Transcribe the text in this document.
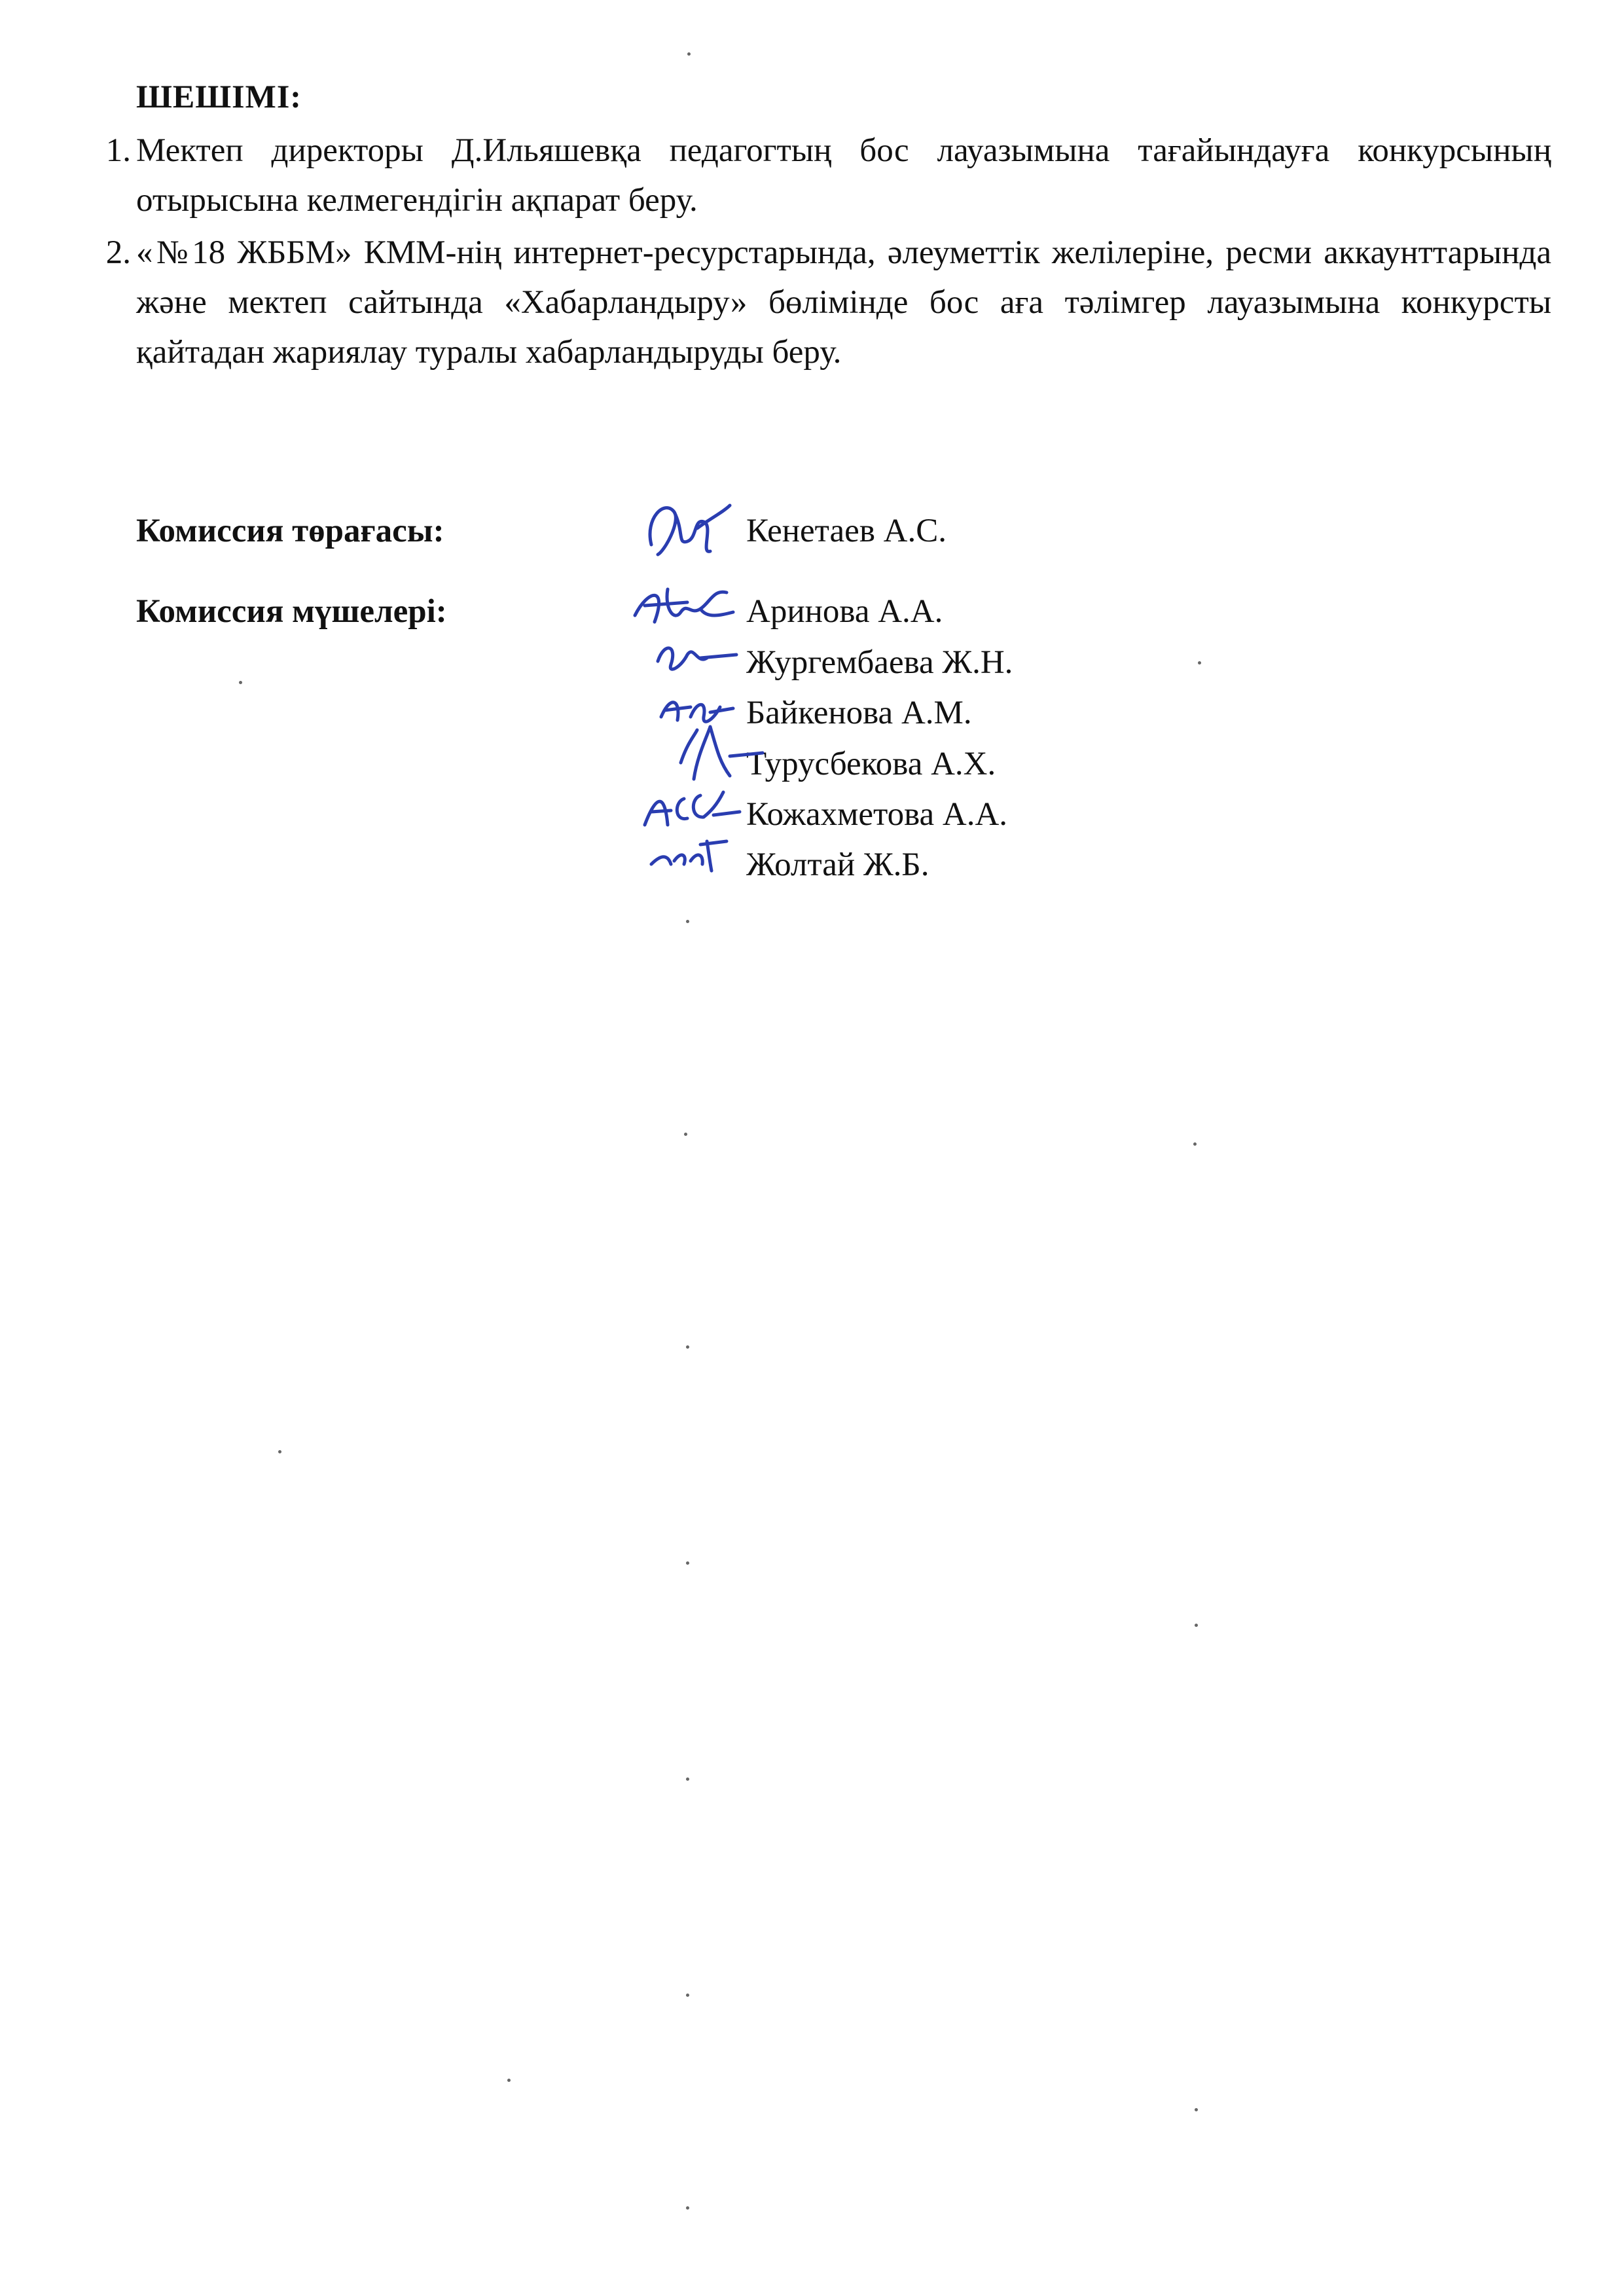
ШЕШІМІ:
1. Мектеп директоры Д.Ильяшевқа педагогтың бос лауазымына тағайындауға конкурсының отырысына келмегендігін ақпарат беру.
2. «№18 ЖББМ» КММ-нің интернет-ресурстарында, әлеуметтік желілеріне, ресми аккаунттарында және мектеп сайтында «Хабарландыру» бөлімінде бос аға тәлімгер лауазымына конкурсты қайтадан жариялау туралы хабарландыруды беру.
Комиссия төрағасы:	Кенетаев А.С.
Комиссия мүшелері:	Аринова А.А.
Жургембаева Ж.Н.
Байкенова А.М.
Турусбекова А.Х.
Кожахметова А.А.
Жолтай Ж.Б.
